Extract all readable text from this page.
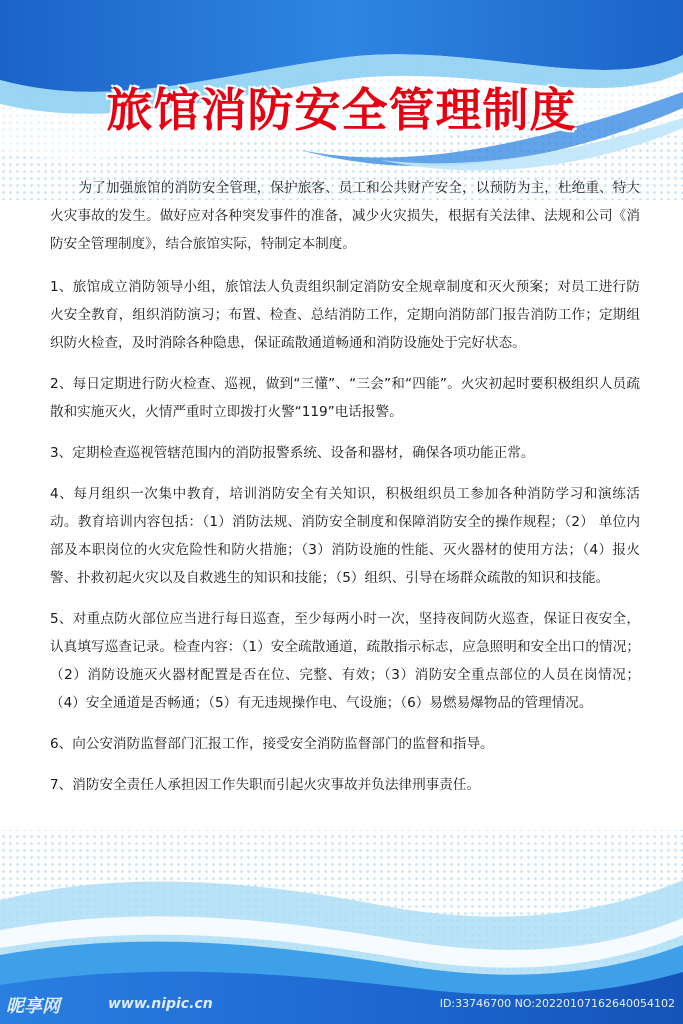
旅馆消防安全管理制度

为了加强旅馆的消防安全管理，保护旅客、员工和公共财产安全，以预防为主，杜绝重、特大火灾事故的发生。做好应对各种突发事件的准备，减少火灾损失，根据有关法律、法规和公司《消防安全管理制度》，结合旅馆实际，特制定本制度。

1、旅馆成立消防领导小组，旅馆法人负责组织制定消防安全规章制度和灭火预案；对员工进行防火安全教育，组织消防演习；布置、检查、总结消防工作，定期向消防部门报告消防工作；定期组织防火检查，及时消除各种隐患，保证疏散通道畅通和消防设施处于完好状态。

2、每日定期进行防火检查、巡视，做到“三懂”、“三会”和“四能”。火灾初起时要积极组织人员疏散和实施灭火，火情严重时立即拨打火警“119”电话报警。

3、定期检查巡视管辖范围内的消防报警系统、设备和器材，确保各项功能正常。

4、每月组织一次集中教育，培训消防安全有关知识，积极组织员工参加各种消防学习和演练活动。教育培训内容包括：（1）消防法规、消防安全制度和保障消防安全的操作规程；（2） 单位内部及本职岗位的火灾危险性和防火措施；（3）消防设施的性能、灭火器材的使用方法；（4）报火警、扑救初起火灾以及自救逃生的知识和技能；（5）组织、引导在场群众疏散的知识和技能。

5、对重点防火部位应当进行每日巡查，至少每两小时一次，坚持夜间防火巡查，保证日夜安全，认真填写巡查记录。检查内容：（1）安全疏散通道，疏散指示标志，应急照明和安全出口的情况；（2）消防设施灭火器材配置是否在位、完整、有效；（3）消防安全重点部位的人员在岗情况；（4）安全通道是否畅通；（5）有无违规操作电、气设施；（6）易燃易爆物品的管理情况。

6、向公安消防监督部门汇报工作，接受安全消防监督部门的监督和指导。

7、消防安全责任人承担因工作失职而引起火灾事故并负法律刑事责任。

昵享网	www.nipic.cn	ID:33746700 NO:20220107162640054102
